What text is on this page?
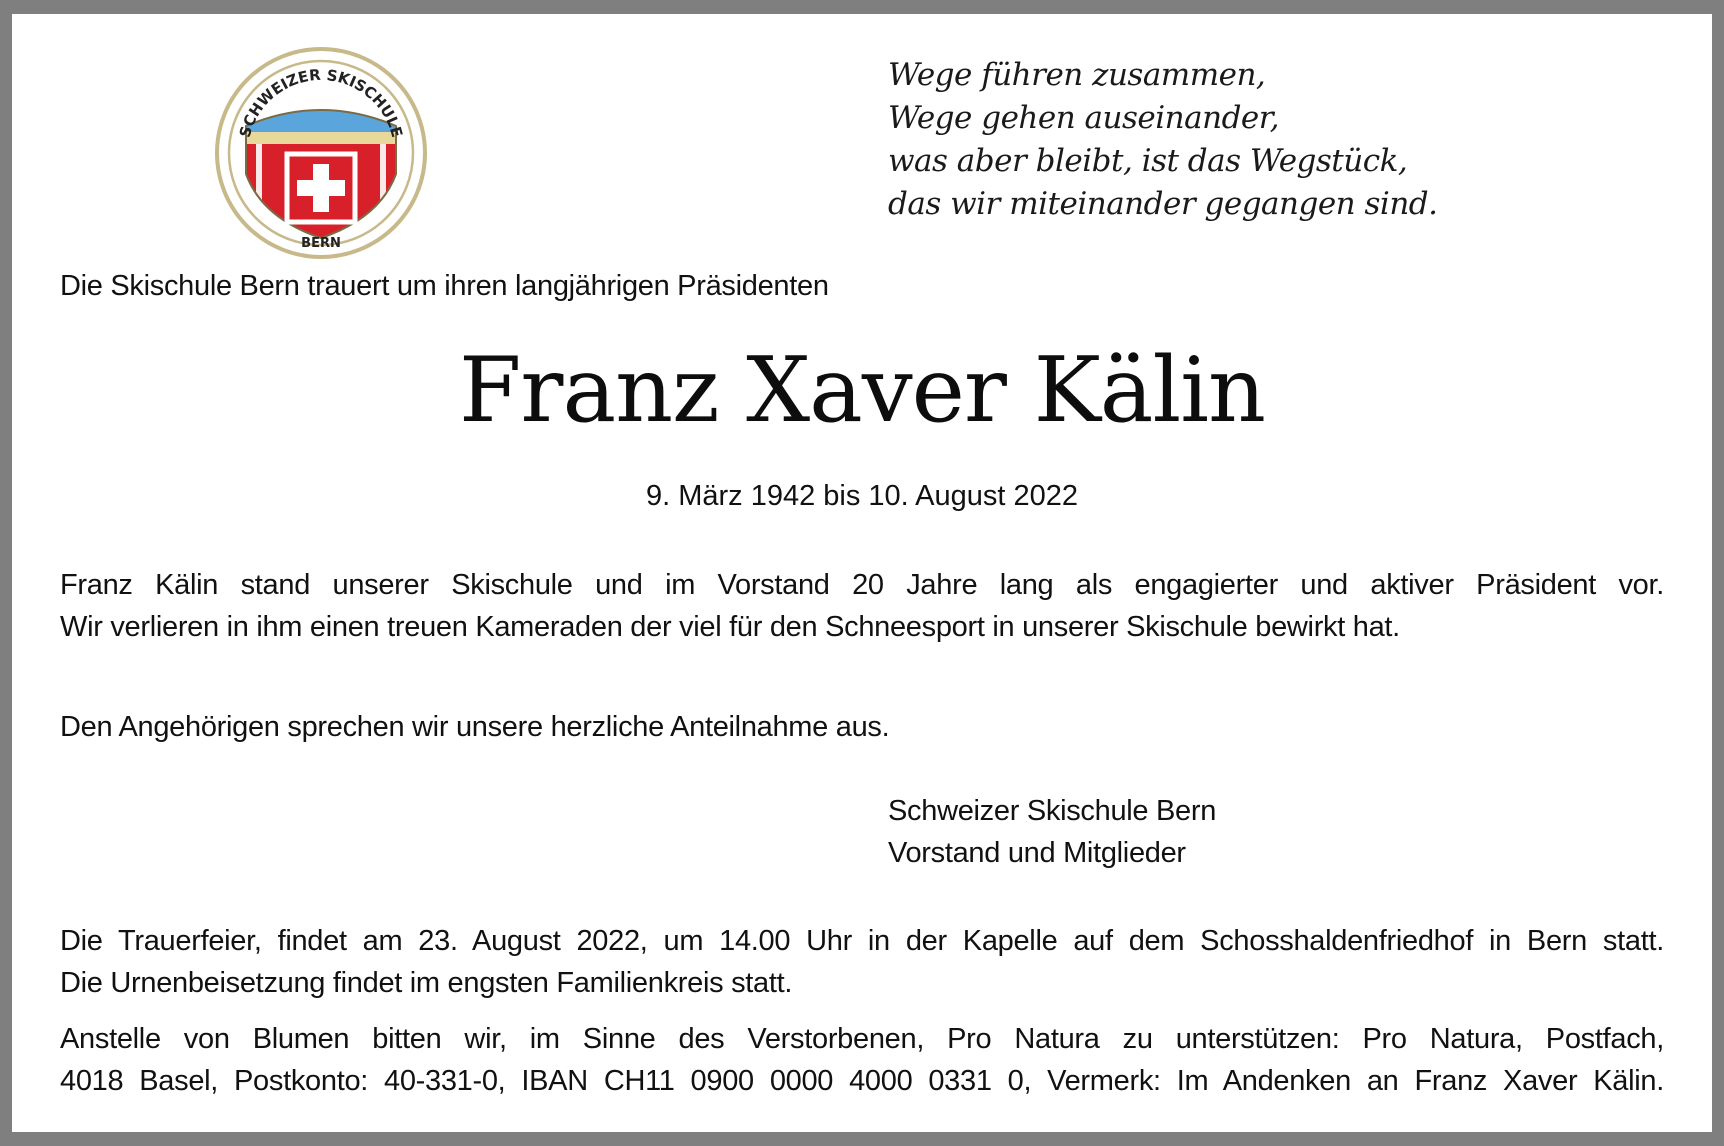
SCHWEIZER SKISCHULE
BERN
Wege führen zusammen,
Wege gehen auseinander,
was aber bleibt, ist das Wegstück,
das wir miteinander gegangen sind.
Die Skischule Bern trauert um ihren langjährigen Präsidenten
Franz Xaver Kälin
9. März 1942 bis 10. August 2022
Franz Kälin stand unserer Skischule und im Vorstand 20 Jahre lang als engagierter und aktiver Präsident vor.
Wir verlieren in ihm einen treuen Kameraden der viel für den Schneesport in unserer Skischule bewirkt hat.
Den Angehörigen sprechen wir unsere herzliche Anteilnahme aus.
Schweizer Skischule Bern
Vorstand und Mitglieder
Die Trauerfeier, findet am 23. August 2022, um 14.00 Uhr in der Kapelle auf dem Schosshaldenfriedhof in Bern statt.
Die Urnenbeisetzung findet im engsten Familienkreis statt.
Anstelle von Blumen bitten wir, im Sinne des Verstorbenen, Pro Natura zu unterstützen: Pro Natura, Postfach,
4018 Basel, Postkonto: 40-331-0, IBAN CH11 0900 0000 4000 0331 0, Vermerk: Im Andenken an Franz Xaver Kälin.
